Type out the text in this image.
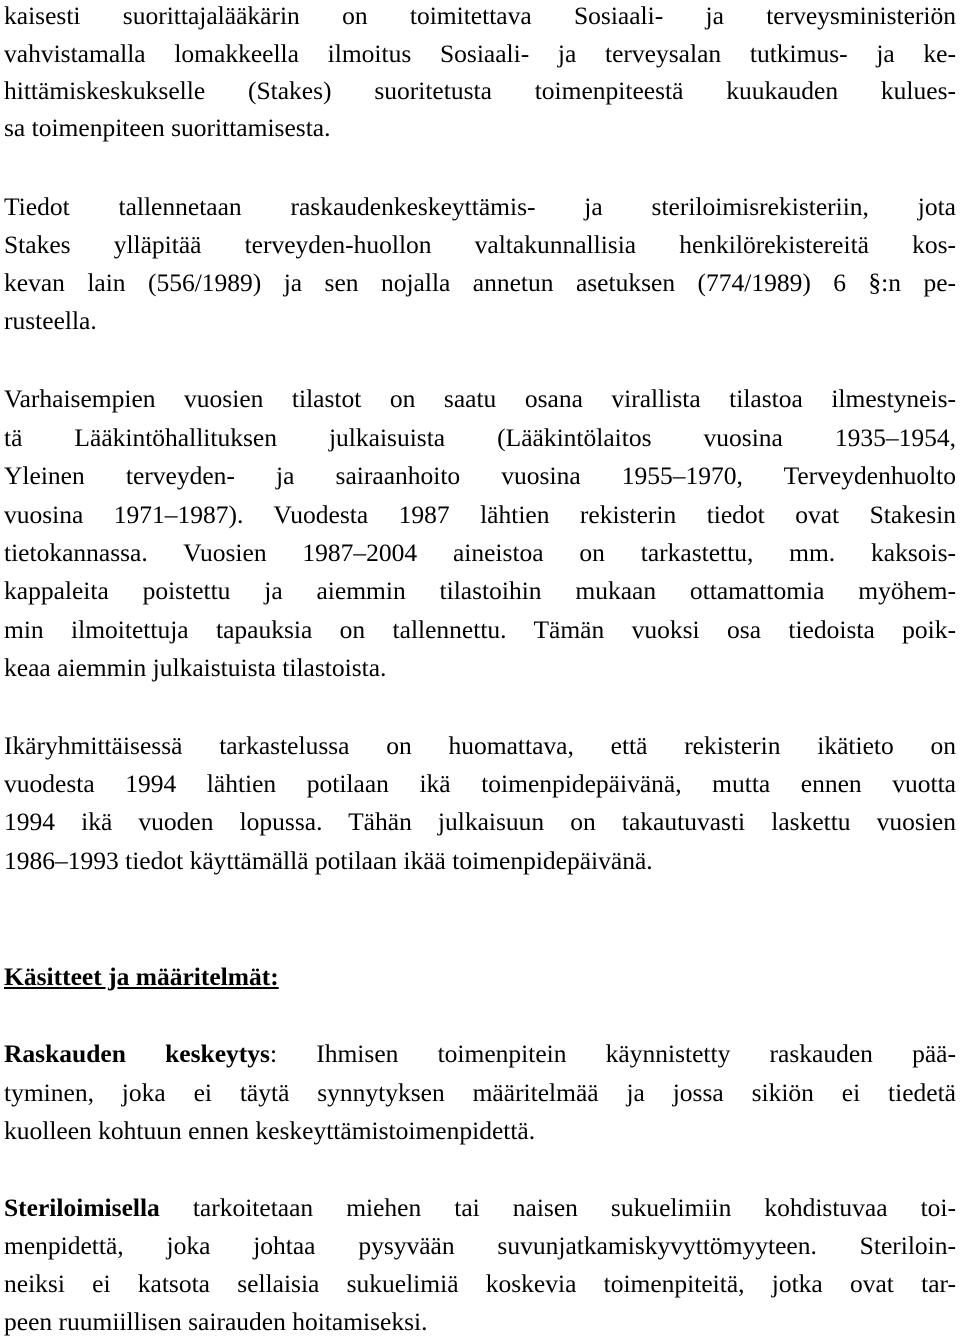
kaisesti suorittajalääkärin on toimitettava Sosiaali- ja terveysministeriön
vahvistamalla lomakkeella ilmoitus Sosiaali- ja terveysalan tutkimus- ja ke-
hittämiskeskukselle (Stakes) suoritetusta toimenpiteestä kuukauden kulues-
sa toimenpiteen suorittamisesta.
Tiedot tallennetaan raskaudenkeskeyttämis- ja steriloimisrekisteriin, jota
Stakes ylläpitää terveyden-huollon valtakunnallisia henkilörekistereitä kos-
kevan lain (556/1989) ja sen nojalla annetun asetuksen (774/1989) 6 §:n pe-
rusteella.
Varhaisempien vuosien tilastot on saatu osana virallista tilastoa ilmestyneis-
tä Lääkintöhallituksen julkaisuista (Lääkintölaitos vuosina 1935–1954,
Yleinen terveyden- ja sairaanhoito vuosina 1955–1970, Terveydenhuolto
vuosina 1971–1987). Vuodesta 1987 lähtien rekisterin tiedot ovat Stakesin
tietokannassa. Vuosien 1987–2004 aineistoa on tarkastettu, mm. kaksois-
kappaleita poistettu ja aiemmin tilastoihin mukaan ottamattomia myöhem-
min ilmoitettuja tapauksia on tallennettu. Tämän vuoksi osa tiedoista poik-
keaa aiemmin julkaistuista tilastoista.
Ikäryhmittäisessä tarkastelussa on huomattava, että rekisterin ikätieto on
vuodesta 1994 lähtien potilaan ikä toimenpidepäivänä, mutta ennen vuotta
1994 ikä vuoden lopussa. Tähän julkaisuun on takautuvasti laskettu vuosien
1986–1993 tiedot käyttämällä potilaan ikää toimenpidepäivänä.
Käsitteet ja määritelmät:
Raskauden keskeytys: Ihmisen toimenpitein käynnistetty raskauden pää-
tyminen, joka ei täytä synnytyksen määritelmää ja jossa sikiön ei tiedetä
kuolleen kohtuun ennen keskeyttämistoimenpidettä.
Steriloimisella tarkoitetaan miehen tai naisen sukuelimiin kohdistuvaa toi-
menpidettä, joka johtaa pysyvään suvunjatkamiskyvyttömyyteen. Steriloin-
neiksi ei katsota sellaisia sukuelimiä koskevia toimenpiteitä, jotka ovat tar-
peen ruumiillisen sairauden hoitamiseksi.
